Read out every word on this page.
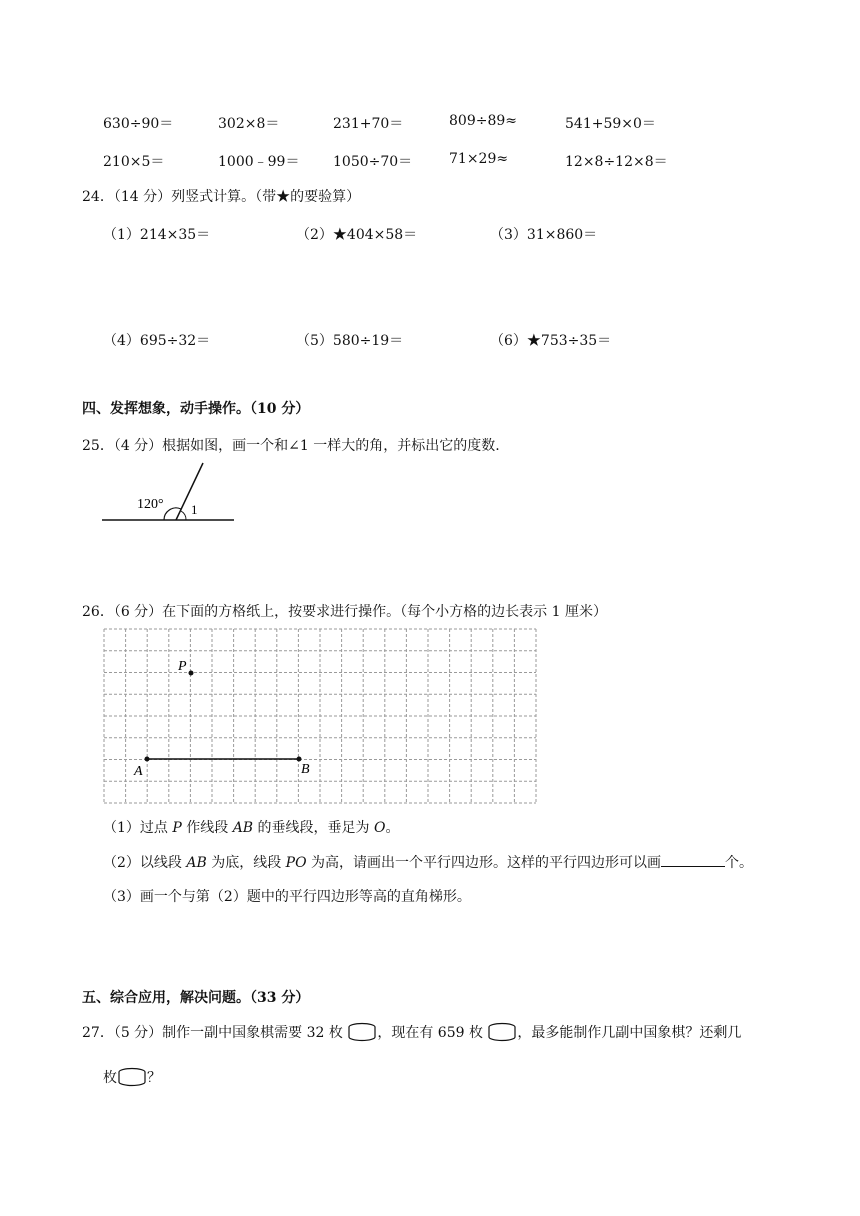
630÷90＝	302×8＝	231+70＝	809÷89≈	541+59×0＝
210×5＝	1000﹣99＝ 1050÷70＝	71×29≈	12×8÷12×8＝
24．（14 分）列竖式计算。（带★的要验算）
（1）214×35＝	（2）★404×58＝	（3）31×860＝
（4）695÷32＝	（5）580÷19＝	（6）★753÷35＝
四、发挥想象，动手操作。（10 分）
25．（4 分）根据如图，画一个和∠1 一样大的角，并标出它的度数.
120° 1
26．（6 分）在下面的方格纸上，按要求进行操作。（每个小方格的边长表示 1 厘米）
P
A	B
（1）过点 P 作线段 AB 的垂线段，垂足为 O。
（2）以线段 AB 为底，线段 PO 为高，请画出一个平行四边形。这样的平行四边形可以画	个。
（3）画一个与第（2）题中的平行四边形等高的直角梯形。
五、综合应用，解决问题。（33 分）
27．（5 分）制作一副中国象棋需要 32 枚 ，现在有 659 枚 ，最多能制作几副中国象棋？还剩几
枚 ？
